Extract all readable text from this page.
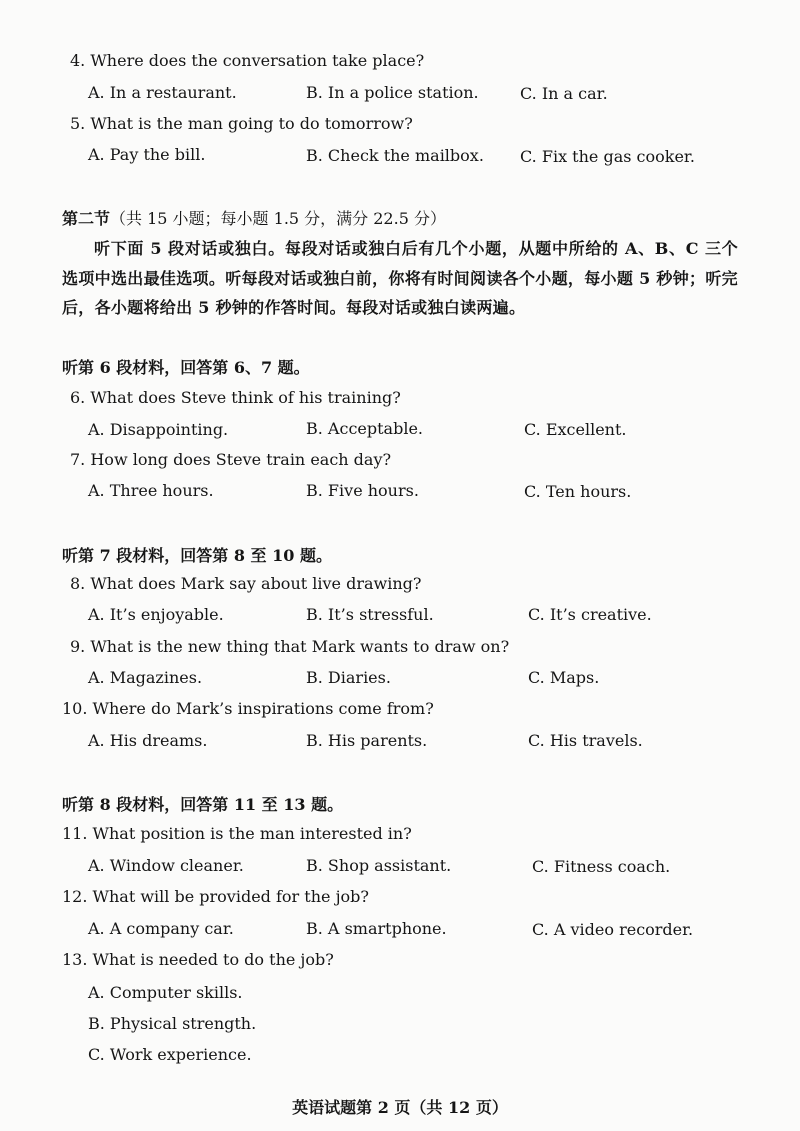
4. Where does the conversation take place?
A. In a restaurant.	B. In a police station.	C. In a car.
5. What is the man going to do tomorrow?
A. Pay the bill.	B. Check the mailbox. C. Fix the gas cooker.
第二节（共 15 小题；每小题 1.5 分，满分 22.5 分）
听下面 5 段对话或独白。每段对话或独白后有几个小题，从题中所给的 A、B、C 三个选项中选出最佳选项。听每段对话或独白前，你将有时间阅读各个小题，每小题 5 秒钟；听完后，各小题将给出 5 秒钟的作答时间。每段对话或独白读两遍。
听第 6 段材料，回答第 6、7 题。
6. What does Steve think of his training?
A. Disappointing.	B. Acceptable.	C. Excellent.
7. How long does Steve train each day?
A. Three hours.	B. Five hours.	C. Ten hours.
听第 7 段材料，回答第 8 至 10 题。
8. What does Mark say about live drawing?
A. It’s enjoyable.	B. It’s stressful.	C. It’s creative.
9. What is the new thing that Mark wants to draw on?
A. Magazines.	B. Diaries.	C. Maps.
10. Where do Mark’s inspirations come from?
A. His dreams.	B. His parents.	C. His travels.
听第 8 段材料，回答第 11 至 13 题。
11. What position is the man interested in?
A. Window cleaner.	B. Shop assistant.	C. Fitness coach.
12. What will be provided for the job?
A. A company car.	B. A smartphone.	C. A video recorder.
13. What is needed to do the job?
A. Computer skills.
B. Physical strength.
C. Work experience.
英语试题第 2 页（共 12 页）
